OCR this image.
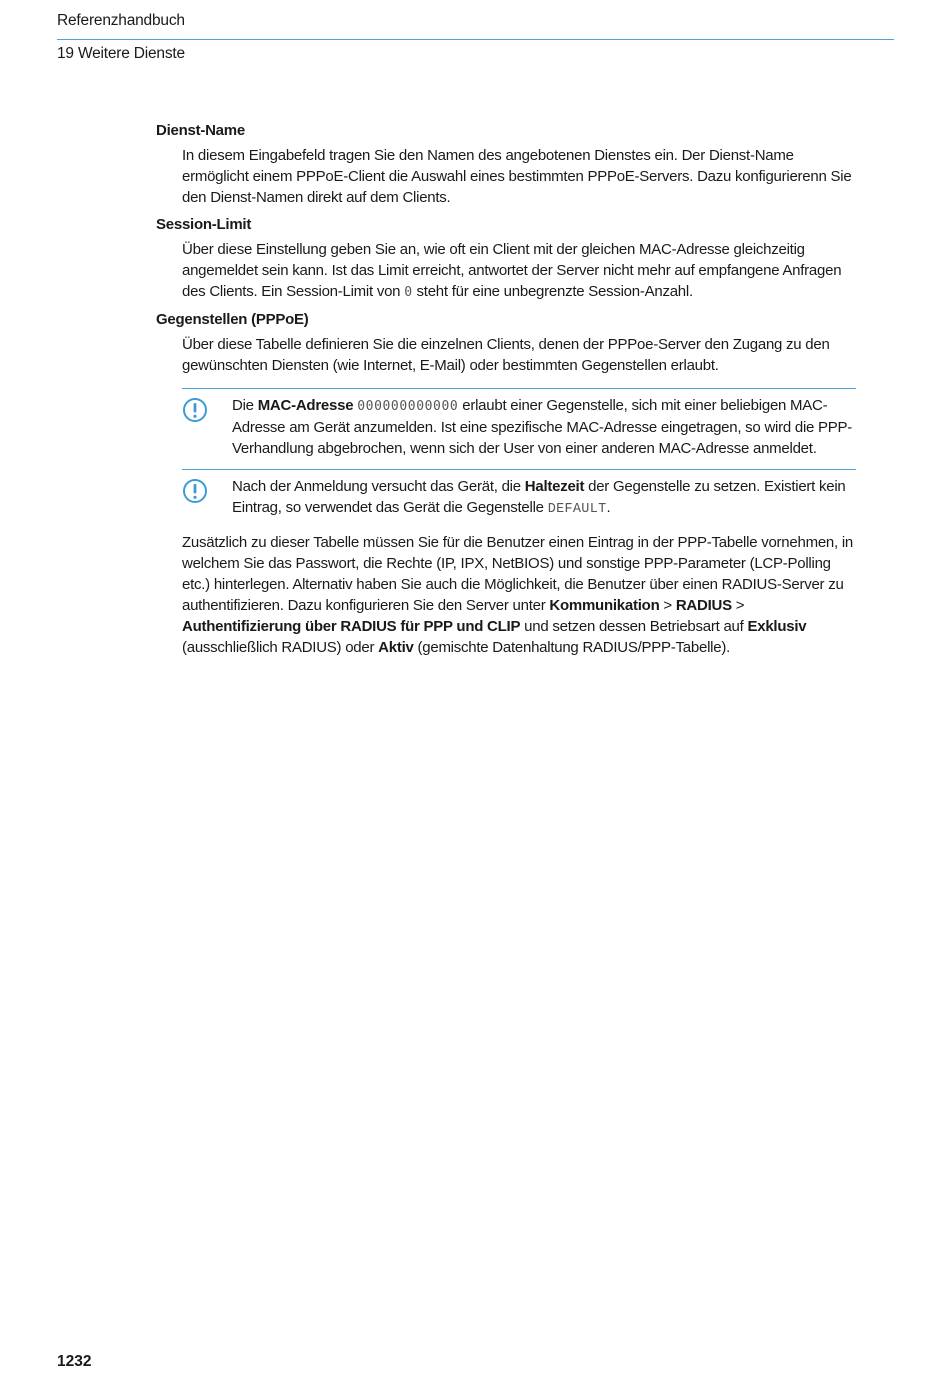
Referenzhandbuch
19 Weitere Dienste

Dienst-Name

In diesem Eingabefeld tragen Sie den Namen des angebotenen Dienstes ein. Der Dienst-Name ermöglicht einem PPPoE-Client die Auswahl eines bestimmten PPPoE-Servers. Dazu konfigurierenn Sie den Dienst-Namen direkt auf dem Clients.

Session-Limit

Über diese Einstellung geben Sie an, wie oft ein Client mit der gleichen MAC-Adresse gleichzeitig angemeldet sein kann. Ist das Limit erreicht, antwortet der Server nicht mehr auf empfangene Anfragen des Clients. Ein Session-Limit von 0 steht für eine unbegrenzte Session-Anzahl.

Gegenstellen (PPPoE)

Über diese Tabelle definieren Sie die einzelnen Clients, denen der PPPoe-Server den Zugang zu den gewünschten Diensten (wie Internet, E-Mail) oder bestimmten Gegenstellen erlaubt.

Die MAC-Adresse 000000000000 erlaubt einer Gegenstelle, sich mit einer beliebigen MAC-Adresse am Gerät anzumelden. Ist eine spezifische MAC-Adresse eingetragen, so wird die PPP-Verhandlung abgebrochen, wenn sich der User von einer anderen MAC-Adresse anmeldet.
Nach der Anmeldung versucht das Gerät, die Haltezeit der Gegenstelle zu setzen. Existiert kein Eintrag, so verwendet das Gerät die Gegenstelle DEFAULT.

Zusätzlich zu dieser Tabelle müssen Sie für die Benutzer einen Eintrag in der PPP-Tabelle vornehmen, in welchem Sie das Passwort, die Rechte (IP, IPX, NetBIOS) und sonstige PPP-Parameter (LCP-Polling etc.) hinterlegen. Alternativ haben Sie auch die Möglichkeit, die Benutzer über einen RADIUS-Server zu authentifizieren. Dazu konfigurieren Sie den Server unter Kommunikation > RADIUS > Authentifizierung über RADIUS für PPP und CLIP und setzen dessen Betriebsart auf Exklusiv (ausschließlich RADIUS) oder Aktiv (gemischte Datenhaltung RADIUS/PPP-Tabelle).

1232
